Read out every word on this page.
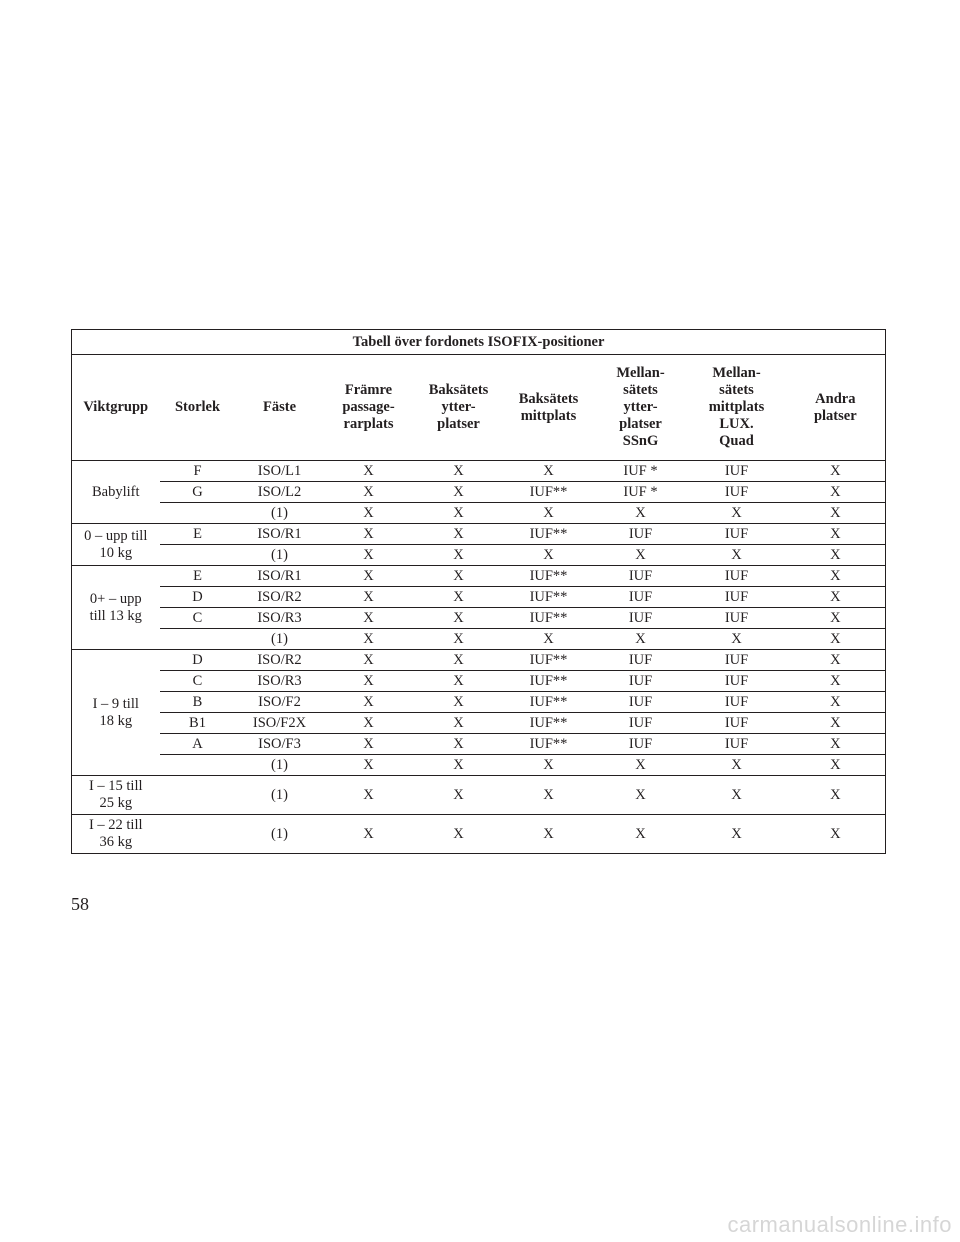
Tabell över fordonets ISOFIX-positioner								
Viktgrupp	Storlek	Fäste	Främre
passage-
rarplats	Baksätets
ytter-
platser	Baksätets
mittplats	Mellan-
sätets
ytter-
platser
SSnG	Mellan-
sätets
mittplats
LUX.
Quad	Andra
platser
Babylift	F	ISO/L1	X	X	X	IUF *	IUF	X
	G	ISO/L2	X	X	IUF**	IUF *	IUF	X
		(1)	X	X	X	X	X	X
0 – upp till
10 kg	E	ISO/R1	X	X	IUF**	IUF	IUF	X
		(1)	X	X	X	X	X	X
0+ – upp
till 13 kg	E	ISO/R1	X	X	IUF**	IUF	IUF	X
	D	ISO/R2	X	X	IUF**	IUF	IUF	X
	C	ISO/R3	X	X	IUF**	IUF	IUF	X
		(1)	X	X	X	X	X	X
I – 9 till
18 kg	D	ISO/R2	X	X	IUF**	IUF	IUF	X
	C	ISO/R3	X	X	IUF**	IUF	IUF	X
	B	ISO/F2	X	X	IUF**	IUF	IUF	X
	B1	ISO/F2X	X	X	IUF**	IUF	IUF	X
	A	ISO/F3	X	X	IUF**	IUF	IUF	X
		(1)	X	X	X	X	X	X
I – 15 till
25 kg		(1)	X	X	X	X	X	X
I – 22 till
36 kg		(1)	X	X	X	X	X	X
58
carmanualsonline.info
